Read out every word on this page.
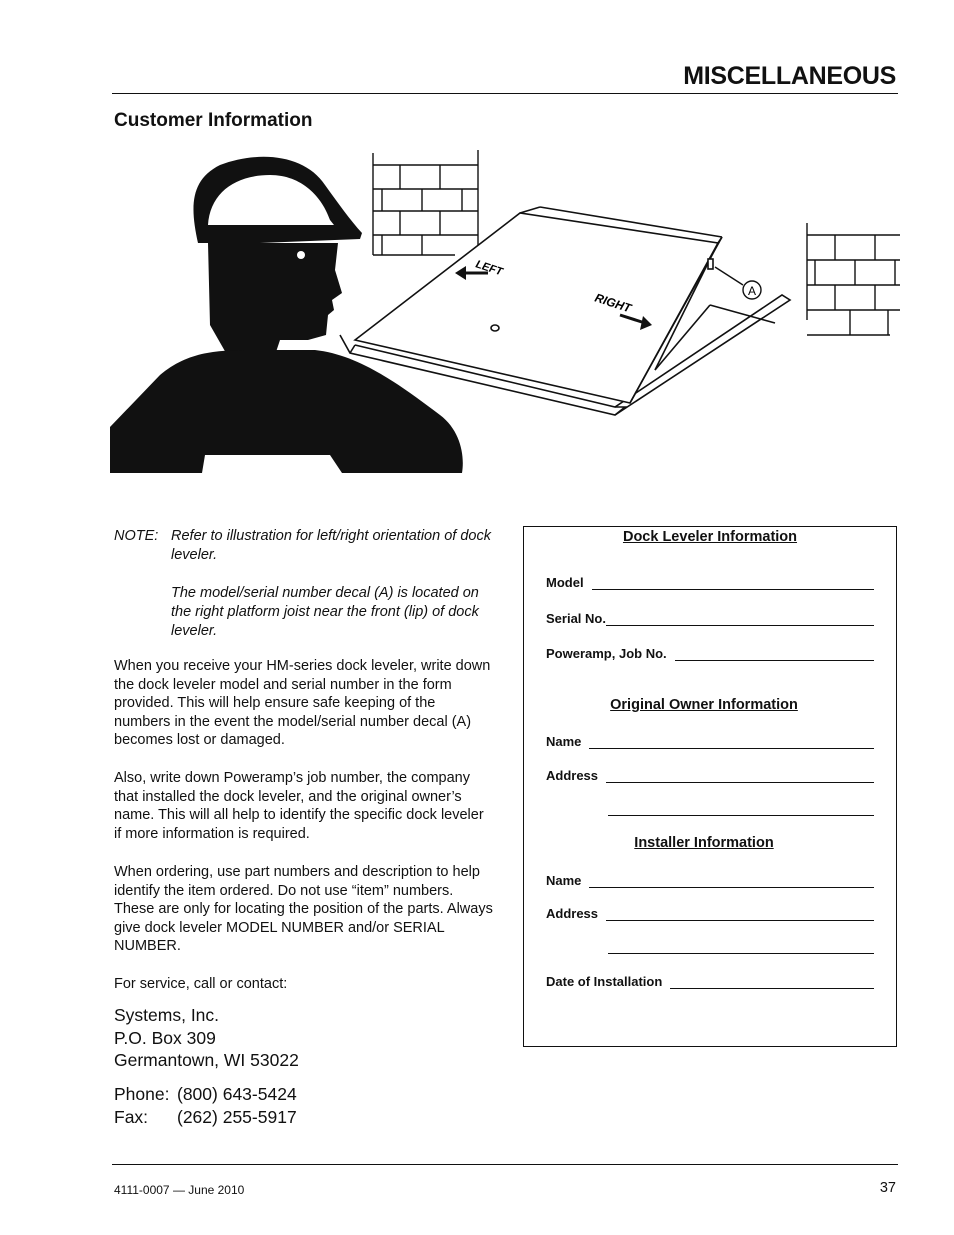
MISCELLANEOUS
Customer Information
LEFT
RIGHT	A
NOTE: Refer to illustration for left/right orientation of dock leveler.

The model/serial number decal (A) is located on the right platform joist near the front (lip) of dock leveler.

When you receive your HM-series dock leveler, write down the dock leveler model and serial number in the form provided. This will help ensure safe keeping of the numbers in the event the model/serial number decal (A) becomes lost or damaged.

Also, write down Poweramp’s job number, the company that installed the dock leveler, and the original owner’s name. This will all help to identify the specific dock leveler if more information is required.

When ordering, use part numbers and description to help identify the item ordered. Do not use “item” numbers. These are only for locating the position of the parts. Always give dock leveler MODEL NUMBER and/or SERIAL NUMBER.

For service, call or contact:

Systems, Inc.
P.O. Box 309
Germantown, WI 53022
Phone: (800) 643-5424
Fax: (262) 255-5917
Dock Leveler Information
Model
Serial No.
Poweramp, Job No.
Original Owner Information
Name
Address
Installer Information
Name
Address
Date of Installation
4111-0007 — June 2010	37
